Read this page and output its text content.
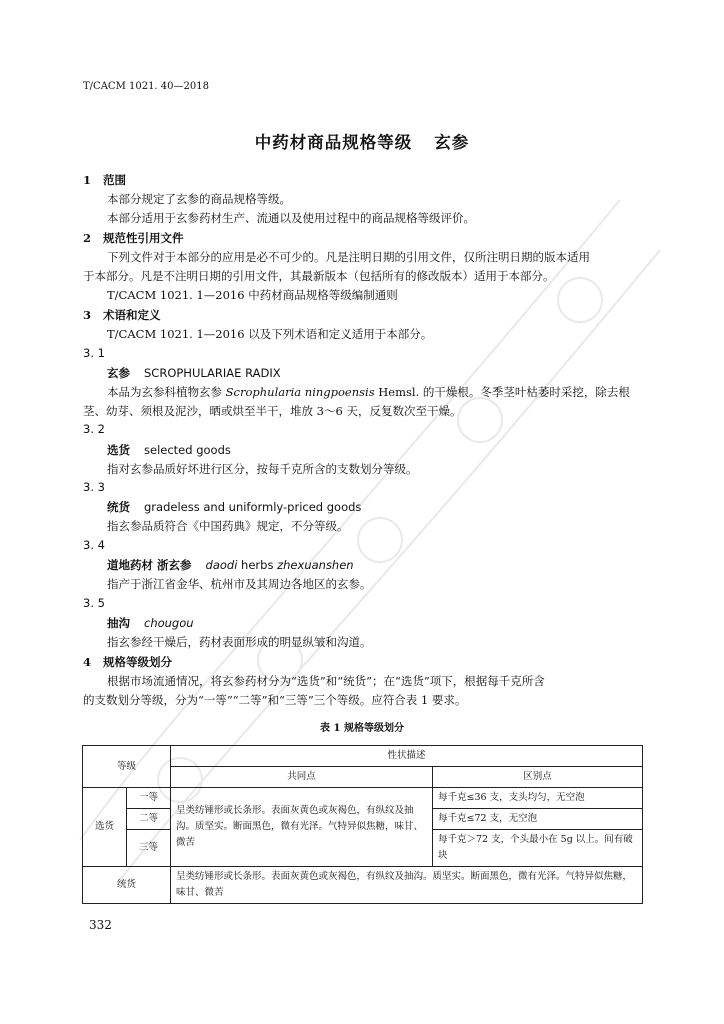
T/CACM 1021. 40—2018
中药材商品规格等级 玄参
1 范围
本部分规定了玄参的商品规格等级。
本部分适用于玄参药材生产、流通以及使用过程中的商品规格等级评价。
2 规范性引用文件
下列文件对于本部分的应用是必不可少的。凡是注明日期的引用文件，仅所注明日期的版本适用
于本部分。凡是不注明日期的引用文件，其最新版本（包括所有的修改版本）适用于本部分。
T/CACM 1021. 1—2016 中药材商品规格等级编制通则
3 术语和定义
T/CACM 1021. 1—2016 以及下列术语和定义适用于本部分。
3. 1
玄参 SCROPHULARIAE RADIX
本品为玄参科植物玄参 Scrophularia ningpoensis Hemsl. 的干燥根。冬季茎叶枯萎时采挖，除去根
茎、幼芽、须根及泥沙，晒或烘至半干，堆放 3～6 天，反复数次至干燥。
3. 2
选货 selected goods
指对玄参品质好坏进行区分，按每千克所含的支数划分等级。
3. 3
统货 gradeless and uniformly-priced goods
指玄参品质符合《中国药典》规定，不分等级。
3. 4
道地药材 浙玄参 daodi herbs zhexuanshen
指产于浙江省金华、杭州市及其周边各地区的玄参。
3. 5
抽沟 chougou
指玄参经干燥后，药材表面形成的明显纵皱和沟道。
4 规格等级划分
根据市场流通情况，将玄参药材分为“选货”和“统货”；在“选货”项下，根据每千克所含
的支数划分等级，分为“一等”“二等”和“三等”三个等级。应符合表 1 要求。
表 1 规格等级划分
等级		性状描述	
		共同点	区别点
选货	一等	呈类纺锤形或长条形。表面灰黄色或灰褐色，有纵纹及抽沟。质坚实。断面黑色，微有光泽。气特异似焦糖，味甘、微苦	每千克≤36 支，支头均匀，无空泡
	二等		每千克≤72 支，无空泡
	三等		每千克＞72 支，个头最小在 5g 以上。间有破块
统货		呈类纺锤形或长条形。表面灰黄色或灰褐色，有纵纹及抽沟。质坚实。断面黑色，微有光泽。气特异似焦糖，味甘、微苦	
332
